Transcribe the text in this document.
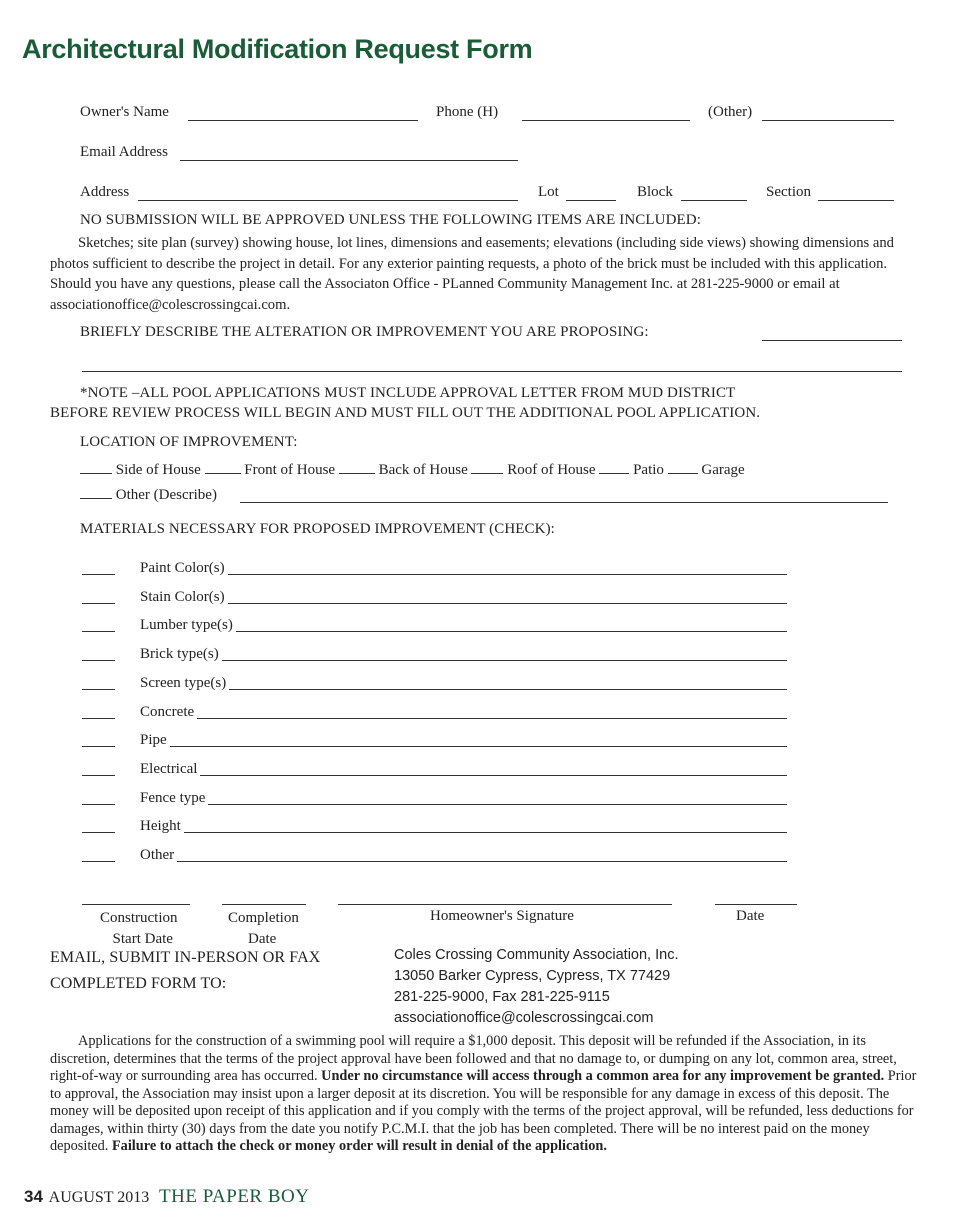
Architectural Modification Request Form
Owner's Name	Phone (H)	(Other)
Email Address
Address	Lot	Block	Section
NO SUBMISSION WILL BE APPROVED UNLESS THE FOLLOWING ITEMS ARE INCLUDED:
Sketches; site plan (survey) showing house, lot lines, dimensions and easements; elevations (including side views) showing dimensions and photos sufficient to describe the project in detail. For any exterior painting requests, a photo of the brick must be included with this application. Should you have any questions, please call the Associaton Office - PLanned Community Management Inc. at 281-225-9000 or email at associationoffice@colescrossingcai.com.
BRIEFLY DESCRIBE THE ALTERATION OR IMPROVEMENT YOU ARE PROPOSING:
*NOTE –ALL POOL APPLICATIONS MUST INCLUDE APPROVAL LETTER FROM MUD DISTRICT
BEFORE REVIEW PROCESS WILL BEGIN AND MUST FILL OUT THE ADDITIONAL POOL APPLICATION.
LOCATION OF IMPROVEMENT:
Side of House	Front of House	Back of House	Roof of House	Patio	Garage
Other (Describe)
MATERIALS NECESSARY FOR PROPOSED IMPROVEMENT (CHECK):
Paint Color(s)
Stain Color(s)
Lumber type(s)
Brick type(s)
Screen type(s)
Concrete
Pipe
Electrical
Fence type
Height
Other
Construction
Start Date
Completion
Date
Homeowner's Signature	Date
EMAIL, SUBMIT IN-PERSON OR FAX
COMPLETED FORM TO:
Coles Crossing Community Association, Inc.
13050 Barker Cypress, Cypress, TX 77429
281-225-9000, Fax 281-225-9115
associationoffice@colescrossingcai.com
Applications for the construction of a swimming pool will require a $1,000 deposit. This deposit will be refunded if the Association, in its discretion, determines that the terms of the project approval have been followed and that no damage to, or dumping on any lot, common area, street, right-of-way or surrounding area has occurred. Under no circumstance will access through a common area for any improvement be granted. Prior to approval, the Association may insist upon a larger deposit at its discretion. You will be responsible for any damage in excess of this deposit. The money will be deposited upon receipt of this application and if you comply with the terms of the project approval, will be refunded, less deductions for damages, within thirty (30) days from the date you notify P.C.M.I. that the job has been completed. There will be no interest paid on the money deposited. Failure to attach the check or money order will result in denial of the application.
34 AUGUST 2013 THE PAPER BOY
